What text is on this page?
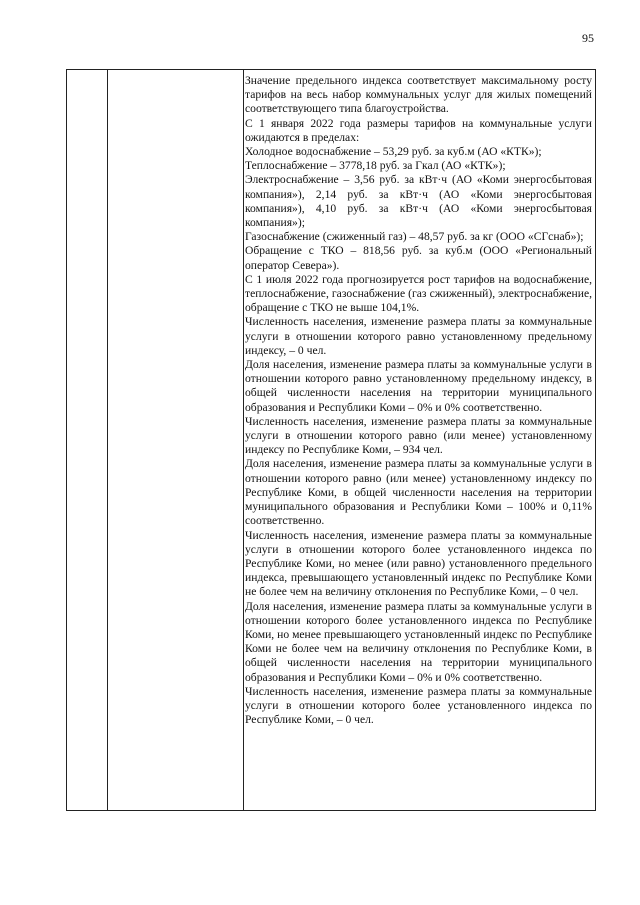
95

Значение предельного индекса соответствует максимальному росту тарифов на весь набор коммунальных услуг для жилых помещений соответствующего типа благоустройства.

С 1 января 2022 года размеры тарифов на коммунальные услуги ожидаются в пределах:

Холодное водоснабжение – 53,29 руб. за куб.м (АО «КТК»);

Теплоснабжение – 3778,18 руб. за Гкал (АО «КТК»);

Электроснабжение – 3,56 руб. за кВт·ч (АО «Коми энергосбытовая компания»), 2,14 руб. за кВт·ч (АО «Коми энергосбытовая компания»), 4,10 руб. за кВт·ч (АО «Коми энергосбытовая компания»);

Газоснабжение (сжиженный газ) – 48,57 руб. за кг (ООО «СГснаб»);

Обращение с ТКО – 818,56 руб. за куб.м (ООО «Региональный оператор Севера»).

С 1 июля 2022 года прогнозируется рост тарифов на водоснабжение, теплоснабжение, газоснабжение (газ сжиженный), электроснабжение, обращение с ТКО не выше 104,1%.

Численность населения, изменение размера платы за коммунальные услуги в отношении которого равно установленному предельному индексу, – 0 чел.

Доля населения, изменение размера платы за коммунальные услуги в отношении которого равно установленному предельному индексу, в общей численности населения на территории муниципального образования и Республики Коми – 0% и 0% соответственно.

Численность населения, изменение размера платы за коммунальные услуги в отношении которого равно (или менее) установленному индексу по Республике Коми, – 934 чел.

Доля населения, изменение размера платы за коммунальные услуги в отношении которого равно (или менее) установленному индексу по Республике Коми, в общей численности населения на территории муниципального образования и Республики Коми – 100% и 0,11% соответственно.

Численность населения, изменение размера платы за коммунальные услуги в отношении которого более установленного индекса по Республике Коми, но менее (или равно) установленного предельного индекса, превышающего установленный индекс по Республике Коми не более чем на величину отклонения по Республике Коми, – 0 чел.

Доля населения, изменение размера платы за коммунальные услуги в отношении которого более установленного индекса по Республике Коми, но менее превышающего установленный индекс по Республике Коми не более чем на величину отклонения по Республике Коми, в общей численности населения на территории муниципального образования и Республики Коми – 0% и 0% соответственно.

Численность населения, изменение размера платы за коммунальные услуги в отношении которого более установленного индекса по Республике Коми, – 0 чел.
